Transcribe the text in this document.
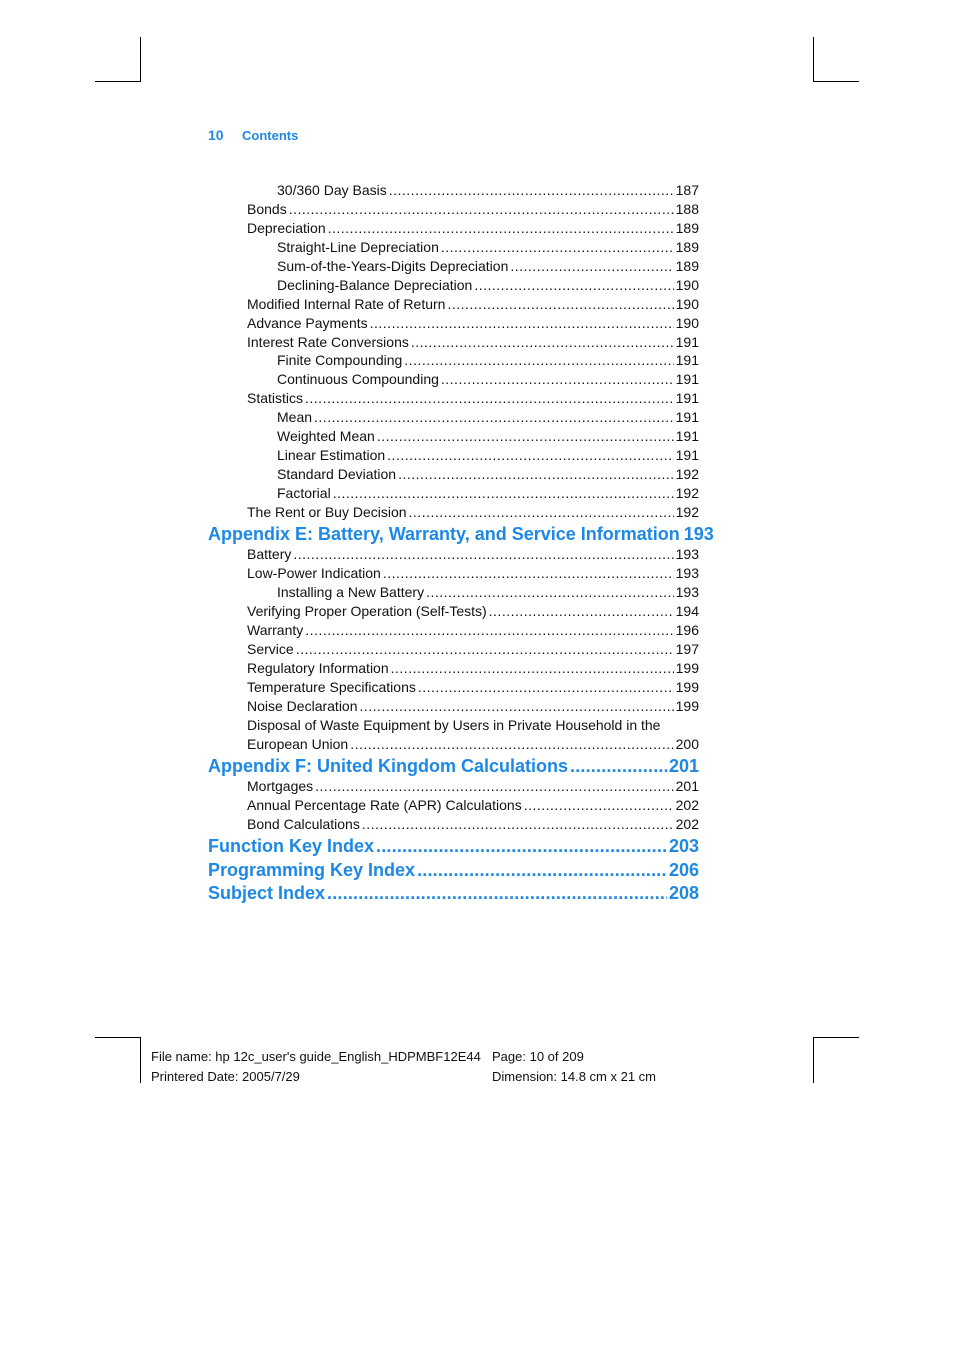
10	Contents
30/360 Day Basis .....	187
Bonds .....	188
Depreciation .....	189
Straight-Line Depreciation .....	189
Sum-of-the-Years-Digits Depreciation .....	189
Declining-Balance Depreciation .....	190
Modified Internal Rate of Return .....	190
Advance Payments .....	190
Interest Rate Conversions .....	191
Finite Compounding .....	191
Continuous Compounding .....	191
Statistics .....	191
Mean .....	191
Weighted Mean .....	191
Linear Estimation .....	191
Standard Deviation .....	192
Factorial .....	192
The Rent or Buy Decision .....	192
Appendix E: Battery, Warranty, and Service Information 193
Battery .....	193
Low-Power Indication .....	193
Installing a New Battery .....	193
Verifying Proper Operation (Self-Tests) .....	194
Warranty .....	196
Service .....	197
Regulatory Information .....	199
Temperature Specifications .....	199
Noise Declaration .....	199
Disposal of Waste Equipment by Users in Private Household in the
European Union .....	200
Appendix F: United Kingdom Calculations .....	201
Mortgages .....	201
Annual Percentage Rate (APR) Calculations .....	202
Bond Calculations .....	202
Function Key Index .....	203
Programming Key Index .....	206
Subject Index .....	208
File name: hp 12c_user's guide_English_HDPMBF12E44
Printered Date: 2005/7/29
Page: 10 of 209
Dimension: 14.8 cm x 21 cm
